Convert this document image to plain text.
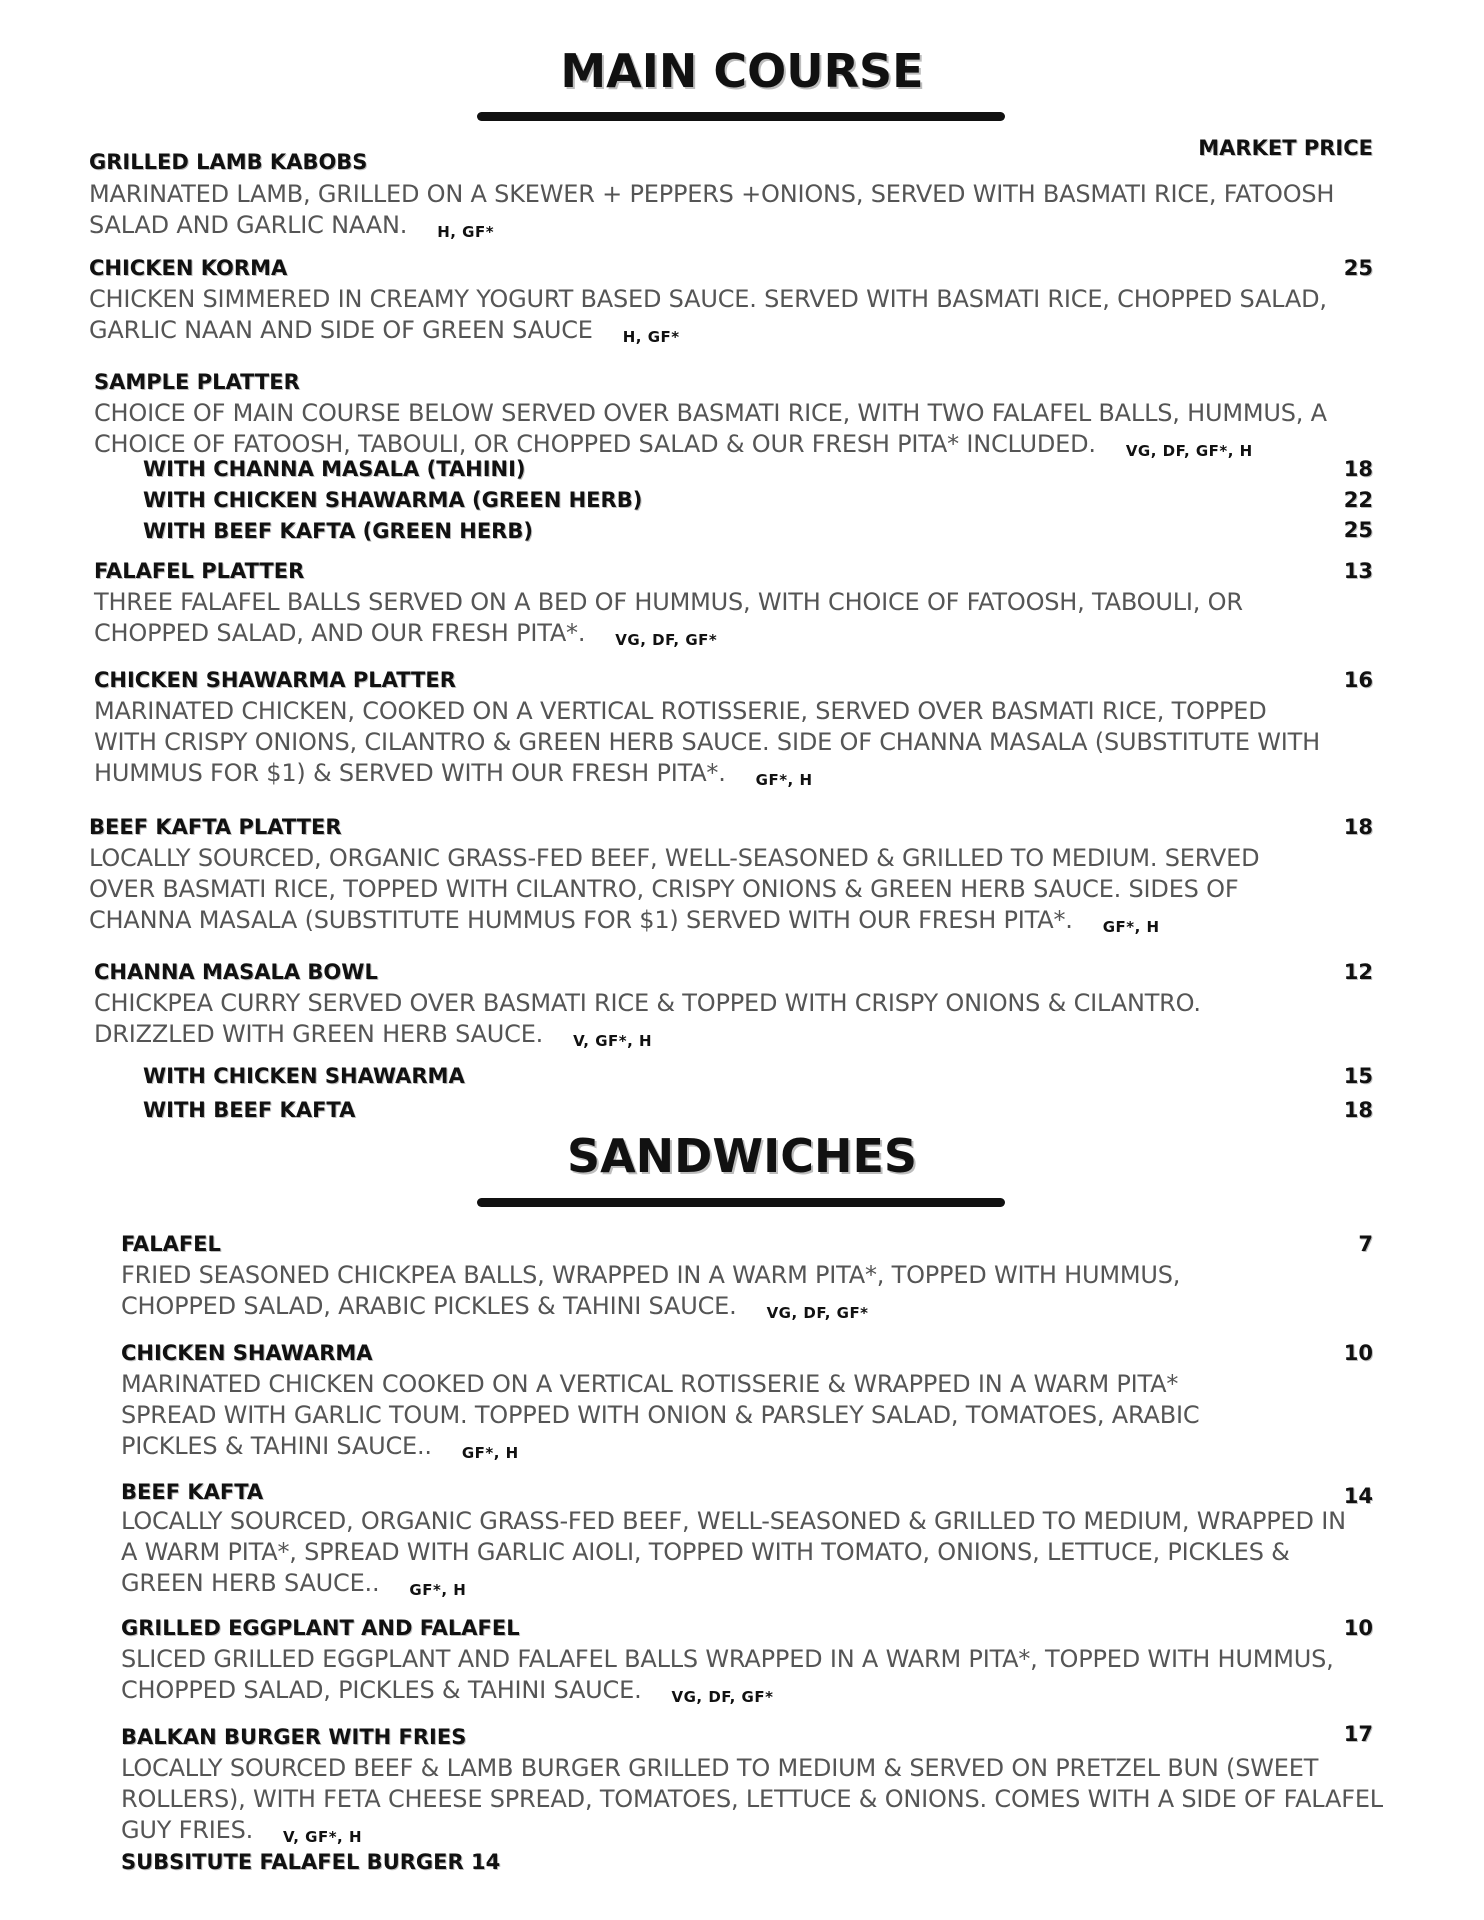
MAIN COURSE
GRILLED LAMB KABOBS
MARKET PRICE

MARINATED LAMB, GRILLED ON A SKEWER + PEPPERS +ONIONS, SERVED WITH BASMATI RICE, FATOOSH SALAD AND GARLIC NAAN. H, GF*

CHICKEN KORMA	25

CHICKEN SIMMERED IN CREAMY YOGURT BASED SAUCE. SERVED WITH BASMATI RICE, CHOPPED SALAD, GARLIC NAAN AND SIDE OF GREEN SAUCE H, GF*

SAMPLE PLATTER

CHOICE OF MAIN COURSE BELOW SERVED OVER BASMATI RICE, WITH TWO FALAFEL BALLS, HUMMUS, A CHOICE OF FATOOSH, TABOULI, OR CHOPPED SALAD & OUR FRESH PITA* INCLUDED. VG, DF, GF*, H

WITH CHANNA MASALA (TAHINI)	18
WITH CHICKEN SHAWARMA (GREEN HERB)	22
WITH BEEF KAFTA (GREEN HERB)	25
FALAFEL PLATTER	13

THREE FALAFEL BALLS SERVED ON A BED OF HUMMUS, WITH CHOICE OF FATOOSH, TABOULI, OR CHOPPED SALAD, AND OUR FRESH PITA*. VG, DF, GF*

CHICKEN SHAWARMA PLATTER	16

MARINATED CHICKEN, COOKED ON A VERTICAL ROTISSERIE, SERVED OVER BASMATI RICE, TOPPED WITH CRISPY ONIONS, CILANTRO & GREEN HERB SAUCE. SIDE OF CHANNA MASALA (SUBSTITUTE WITH HUMMUS FOR $1) & SERVED WITH OUR FRESH PITA*. GF*, H

BEEF KAFTA PLATTER	18

LOCALLY SOURCED, ORGANIC GRASS-FED BEEF, WELL-SEASONED & GRILLED TO MEDIUM. SERVED OVER BASMATI RICE, TOPPED WITH CILANTRO, CRISPY ONIONS & GREEN HERB SAUCE. SIDES OF CHANNA MASALA (SUBSTITUTE HUMMUS FOR $1) SERVED WITH OUR FRESH PITA*. GF*, H

CHANNA MASALA BOWL	12

CHICKPEA CURRY SERVED OVER BASMATI RICE & TOPPED WITH CRISPY ONIONS & CILANTRO. DRIZZLED WITH GREEN HERB SAUCE. V, GF*, H

WITH CHICKEN SHAWARMA	15
WITH BEEF KAFTA	18
SANDWICHES
FALAFEL	7

FRIED SEASONED CHICKPEA BALLS, WRAPPED IN A WARM PITA*, TOPPED WITH HUMMUS, CHOPPED SALAD, ARABIC PICKLES & TAHINI SAUCE. VG, DF, GF*

CHICKEN SHAWARMA	10

MARINATED CHICKEN COOKED ON A VERTICAL ROTISSERIE & WRAPPED IN A WARM PITA* SPREAD WITH GARLIC TOUM. TOPPED WITH ONION & PARSLEY SALAD, TOMATOES, ARABIC PICKLES & TAHINI SAUCE.. GF*, H

BEEF KAFTA	14

LOCALLY SOURCED, ORGANIC GRASS-FED BEEF, WELL-SEASONED & GRILLED TO MEDIUM, WRAPPED IN A WARM PITA*, SPREAD WITH GARLIC AIOLI, TOPPED WITH TOMATO, ONIONS, LETTUCE, PICKLES & GREEN HERB SAUCE.. GF*, H

GRILLED EGGPLANT AND FALAFEL	10

SLICED GRILLED EGGPLANT AND FALAFEL BALLS WRAPPED IN A WARM PITA*, TOPPED WITH HUMMUS, CHOPPED SALAD, PICKLES & TAHINI SAUCE. VG, DF, GF*

BALKAN BURGER WITH FRIES	17

LOCALLY SOURCED BEEF & LAMB BURGER GRILLED TO MEDIUM & SERVED ON PRETZEL BUN (SWEET ROLLERS), WITH FETA CHEESE SPREAD, TOMATOES, LETTUCE & ONIONS. COMES WITH A SIDE OF FALAFEL GUY FRIES. V, GF*, H

SUBSITUTE FALAFEL BURGER 14
